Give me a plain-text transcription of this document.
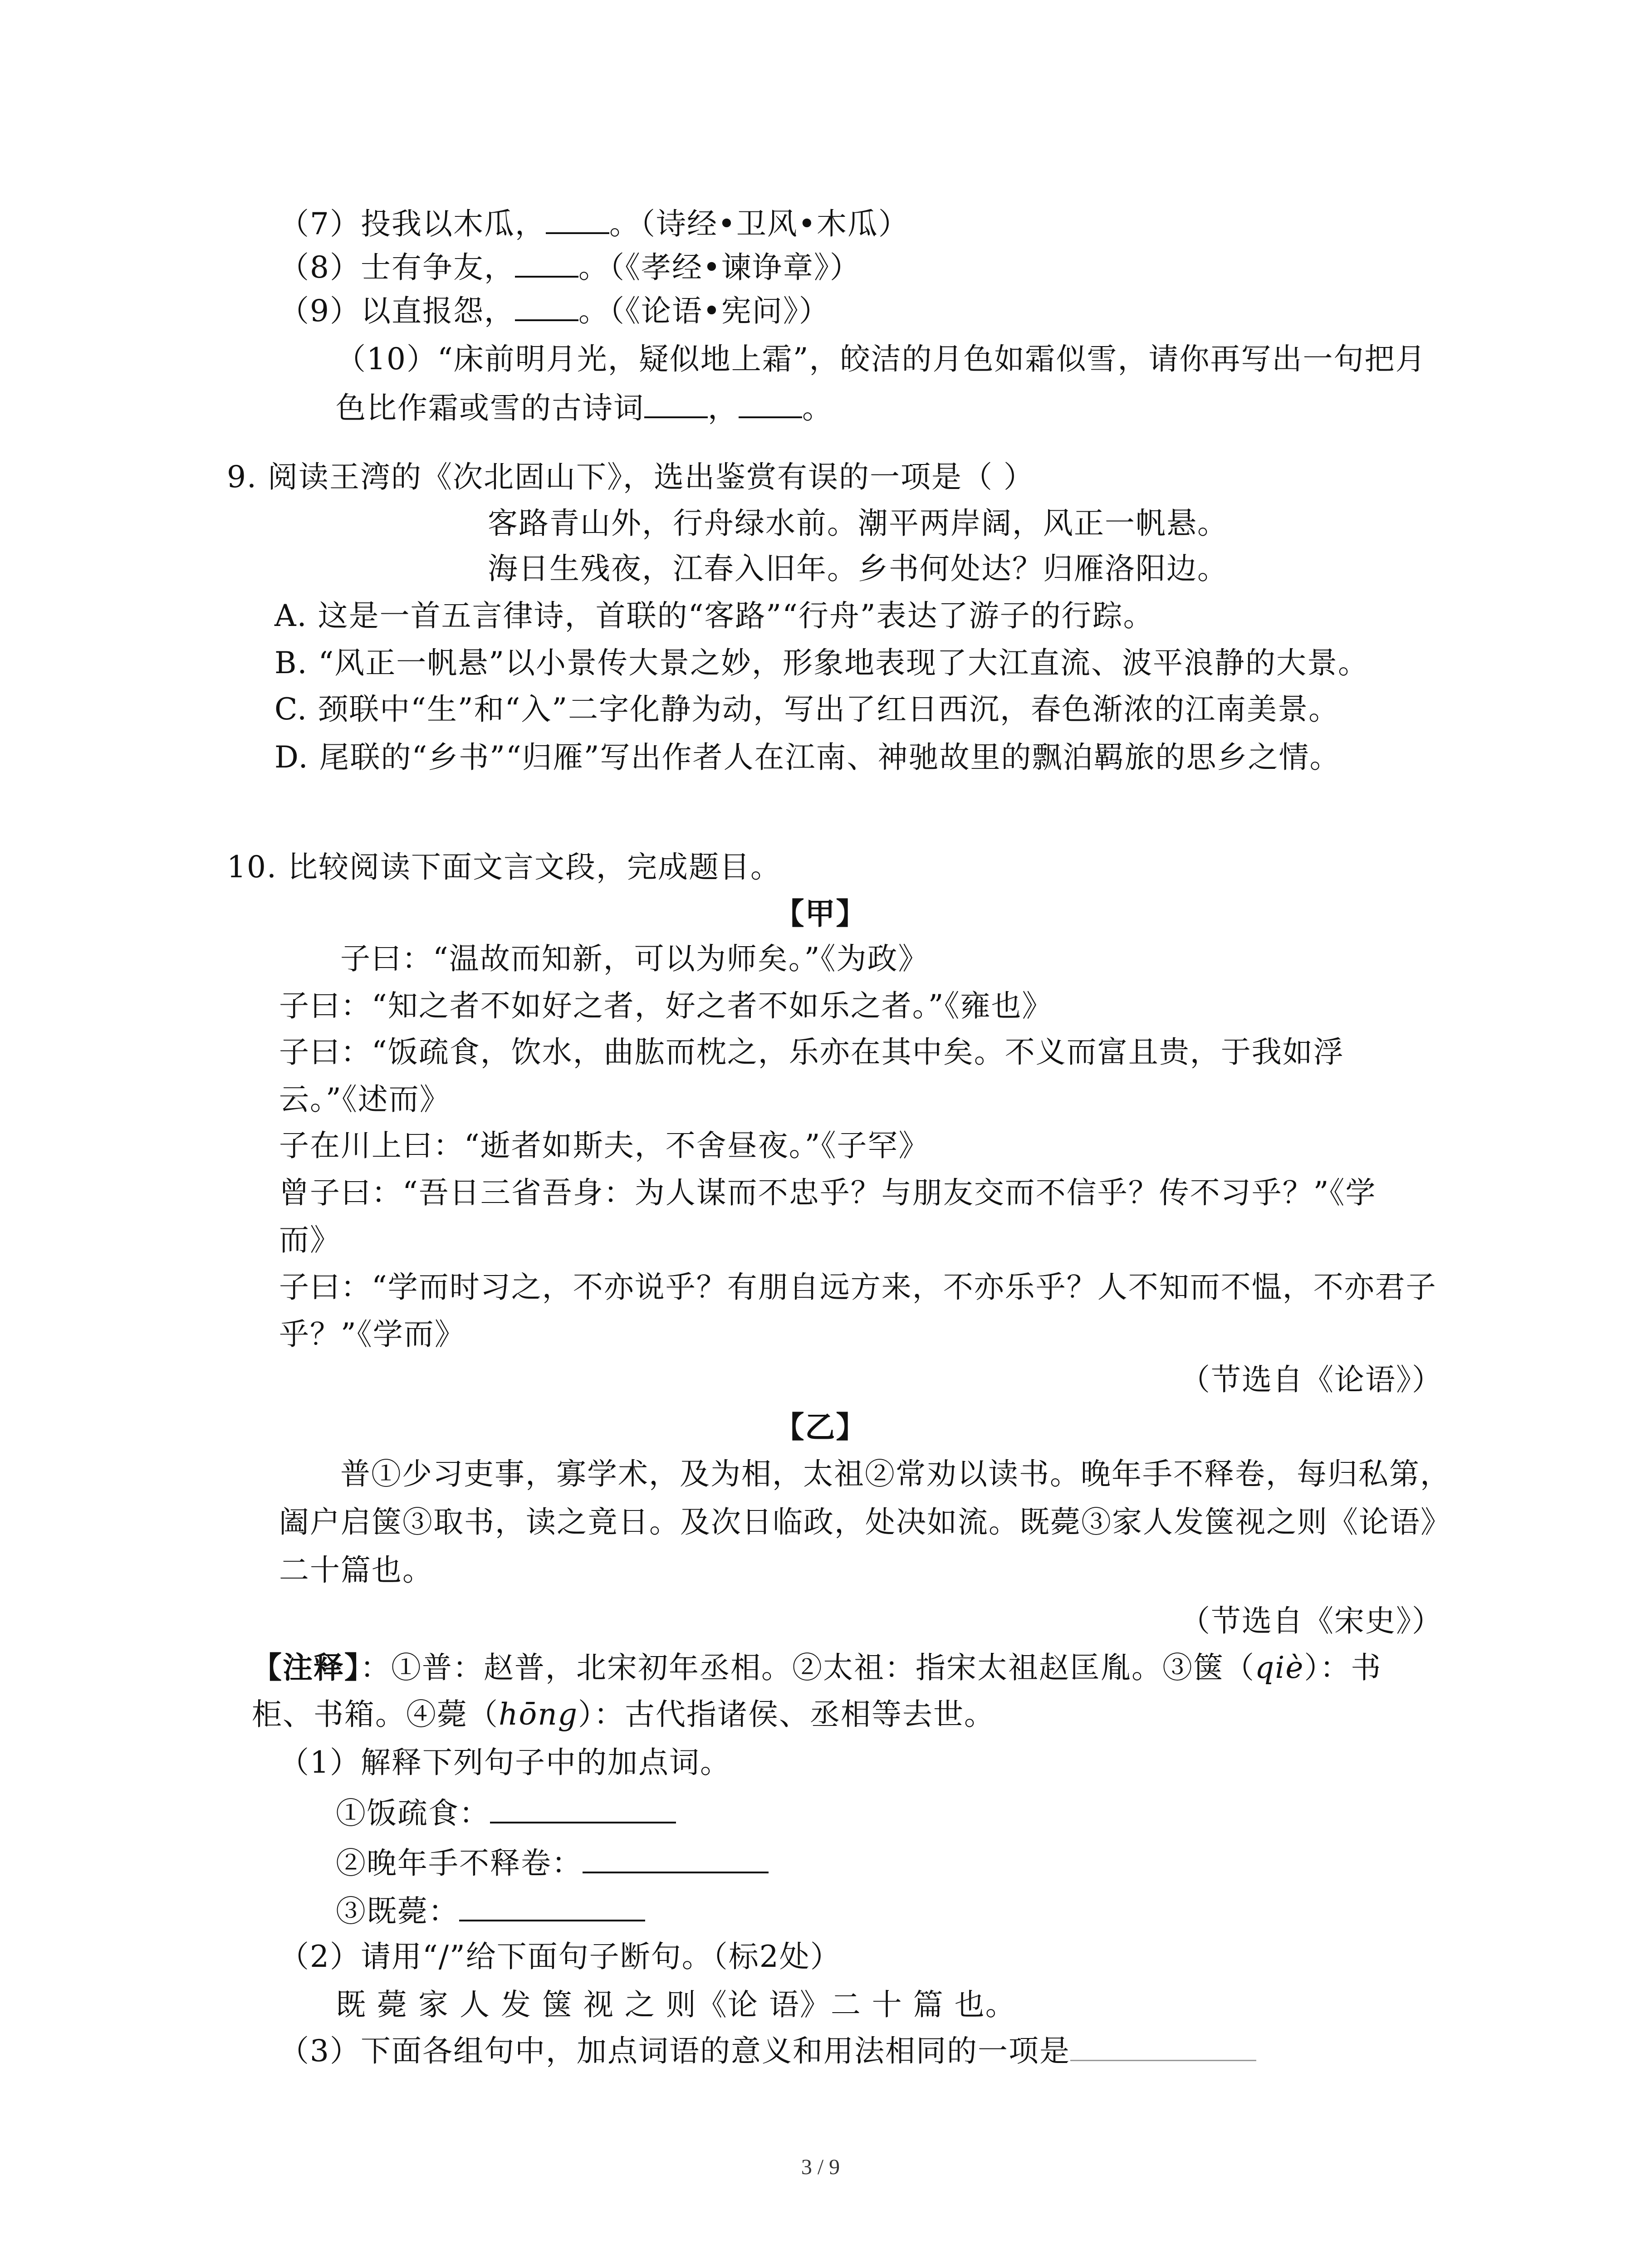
（7）投我以木瓜， 。（诗经•卫风•木瓜）
（8）士有争友， 。（《孝经•谏诤章》）
（9）以直报怨， 。（《论语•宪问》）
（10）“床前明月光，疑似地上霜”，皎洁的月色如霜似雪，请你再写出一句把月
色比作霜或雪的古诗词 ， 。
9. 阅读王湾的《次北固山下》，选出鉴赏有误的一项是（ ）
客路青山外，行舟绿水前。潮平两岸阔，风正一帆悬。
海日生残夜，江春入旧年。乡书何处达？归雁洛阳边。
A. 这是一首五言律诗，首联的“客路”“行舟”表达了游子的行踪。
B. “风正一帆悬”以小景传大景之妙，形象地表现了大江直流、波平浪静的大景。
C. 颈联中“生”和“入”二字化静为动，写出了红日西沉，春色渐浓的江南美景。
D. 尾联的“乡书”“归雁”写出作者人在江南、神驰故里的飘泊羁旅的思乡之情。
10. 比较阅读下面文言文段，完成题目。
【甲】
子曰：“温故而知新，可以为师矣。”《为政》
子曰：“知之者不如好之者，好之者不如乐之者。”《雍也》
子曰：“饭疏食，饮水，曲肱而枕之，乐亦在其中矣。不义而富且贵，于我如浮
云。”《述而》
子在川上曰：“逝者如斯夫，不舍昼夜。”《子罕》
曾子曰：“吾日三省吾身：为人谋而不忠乎？与朋友交而不信乎？传不习乎？”《学
而》
子曰：“学而时习之，不亦说乎？有朋自远方来，不亦乐乎？人不知而不愠，不亦君子
乎？”《学而》
（节选自《论语》）
【乙】
普①少习吏事，寡学术，及为相，太祖②常劝以读书。晚年手不释卷，每归私第，
阖户启箧③取书，读之竟日。及次日临政，处决如流。既薨③家人发箧视之则《论语》
二十篇也。
（节选自《宋史》）
【注释】：①普：赵普，北宋初年丞相。②太祖：指宋太祖赵匡胤。③箧（qiè）：书
柜、书箱。④薨（hōng）：古代指诸侯、丞相等去世。
（1）解释下列句子中的加点词。
①饭疏食：
②晚年手不释卷：
③既薨：
（2）请用“/”给下面句子断句。（标2处）
既 薨 家 人 发 箧 视 之 则《论 语》二 十 篇 也。
（3）下面各组句中，加点词语的意义和用法相同的一项是
3 / 9
